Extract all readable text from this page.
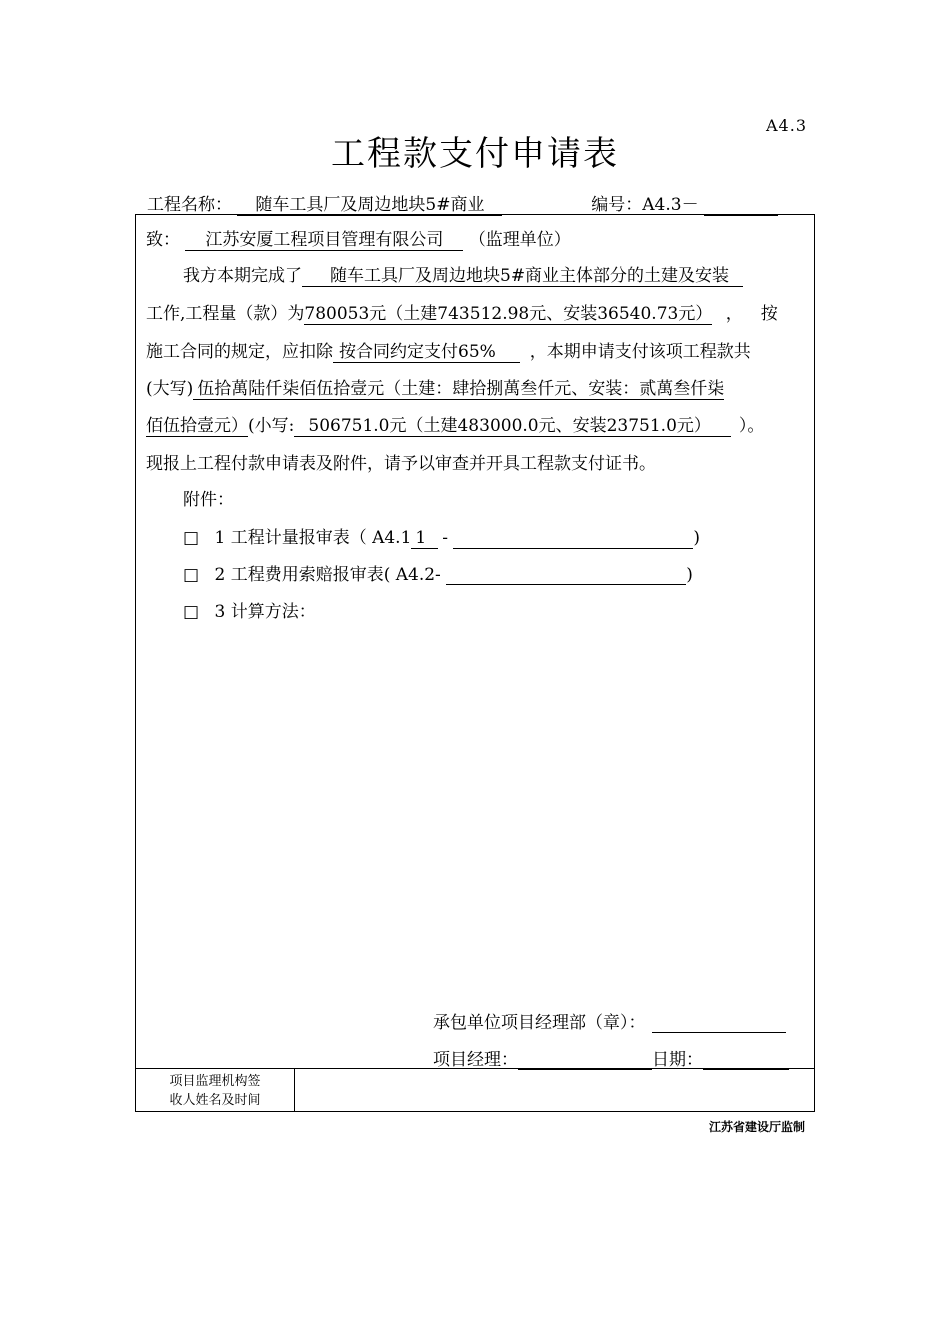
A4.3
工程款支付申请表
工程名称： 随车工具厂及周边地块5#商业	编号：A4.3－
致： 江苏安厦工程项目管理有限公司 （监理单位）
我方本期完成了 随车工具厂及周边地块5#商业主体部分的土建及安装
工作,工程量（款）为780053元（土建743512.98元、安装36540.73元） ，按
施工合同的规定，应扣除 按合同约定支付65% ，本期申请支付该项工程款共
(大写) 伍拾萬陆仟柒佰伍拾壹元（土建：肆拾捌萬叁仟元、安装：贰萬叁仟柒
佰伍拾壹元）(小写: 506751.0元（土建483000.0元、安装23751.0元） ）。
现报上工程付款申请表及附件，请予以审查并开具工程款支付证书。
附件：
□ 1 工程计量报审表（ A4.1 1 -	)
□ 2 工程费用索赔报审表( A4.2-	)
□ 3 计算方法：
承包单位项目经理部（章）：
项目经理：	日期：
项目监理机构签
收人姓名及时间
江苏省建设厅监制
